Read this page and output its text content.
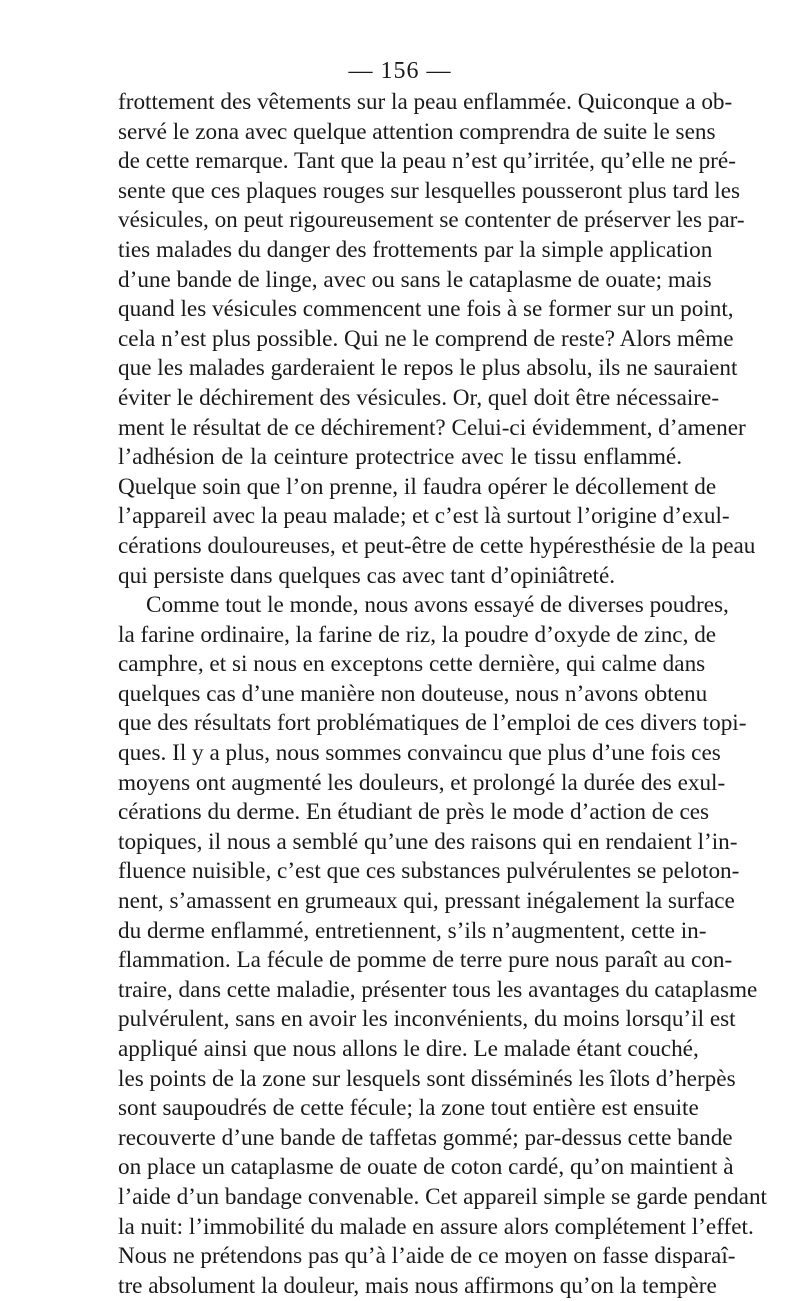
— 156 —
frottement des vêtements sur la peau enflammée. Quiconque a ob-
servé le zona avec quelque attention comprendra de suite le sens
de cette remarque. Tant que la peau n’est qu’irritée, qu’elle ne pré-
sente que ces plaques rouges sur lesquelles pousseront plus tard les
vésicules, on peut rigoureusement se contenter de préserver les par-
ties malades du danger des frottements par la simple application
d’une bande de linge, avec ou sans le cataplasme de ouate; mais
quand les vésicules commencent une fois à se former sur un point,
cela n’est plus possible. Qui ne le comprend de reste? Alors même
que les malades garderaient le repos le plus absolu, ils ne sauraient
éviter le déchirement des vésicules. Or, quel doit être nécessaire-
ment le résultat de ce déchirement? Celui-ci évidemment, d’amener
l’adhésion de la ceinture protectrice avec le tissu enflammé.
Quelque soin que l’on prenne, il faudra opérer le décollement de
l’appareil avec la peau malade; et c’est là surtout l’origine d’exul-
cérations douloureuses, et peut-être de cette hypéresthésie de la peau
qui persiste dans quelques cas avec tant d’opiniâtreté.
Comme tout le monde, nous avons essayé de diverses poudres,
la farine ordinaire, la farine de riz, la poudre d’oxyde de zinc, de
camphre, et si nous en exceptons cette dernière, qui calme dans
quelques cas d’une manière non douteuse, nous n’avons obtenu
que des résultats fort problématiques de l’emploi de ces divers topi-
ques. Il y a plus, nous sommes convaincu que plus d’une fois ces
moyens ont augmenté les douleurs, et prolongé la durée des exul-
cérations du derme. En étudiant de près le mode d’action de ces
topiques, il nous a semblé qu’une des raisons qui en rendaient l’in-
fluence nuisible, c’est que ces substances pulvérulentes se peloton-
nent, s’amassent en grumeaux qui, pressant inégalement la surface
du derme enflammé, entretiennent, s’ils n’augmentent, cette in-
flammation. La fécule de pomme de terre pure nous paraît au con-
traire, dans cette maladie, présenter tous les avantages du cataplasme
pulvérulent, sans en avoir les inconvénients, du moins lorsqu’il est
appliqué ainsi que nous allons le dire. Le malade étant couché,
les points de la zone sur lesquels sont disséminés les îlots d’herpès
sont saupoudrés de cette fécule; la zone tout entière est ensuite
recouverte d’une bande de taffetas gommé; par-dessus cette bande
on place un cataplasme de ouate de coton cardé, qu’on maintient à
l’aide d’un bandage convenable. Cet appareil simple se garde pendant
la nuit: l’immobilité du malade en assure alors complétement l’effet.
Nous ne prétendons pas qu’à l’aide de ce moyen on fasse disparaî-
tre absolument la douleur, mais nous affirmons qu’on la tempère
